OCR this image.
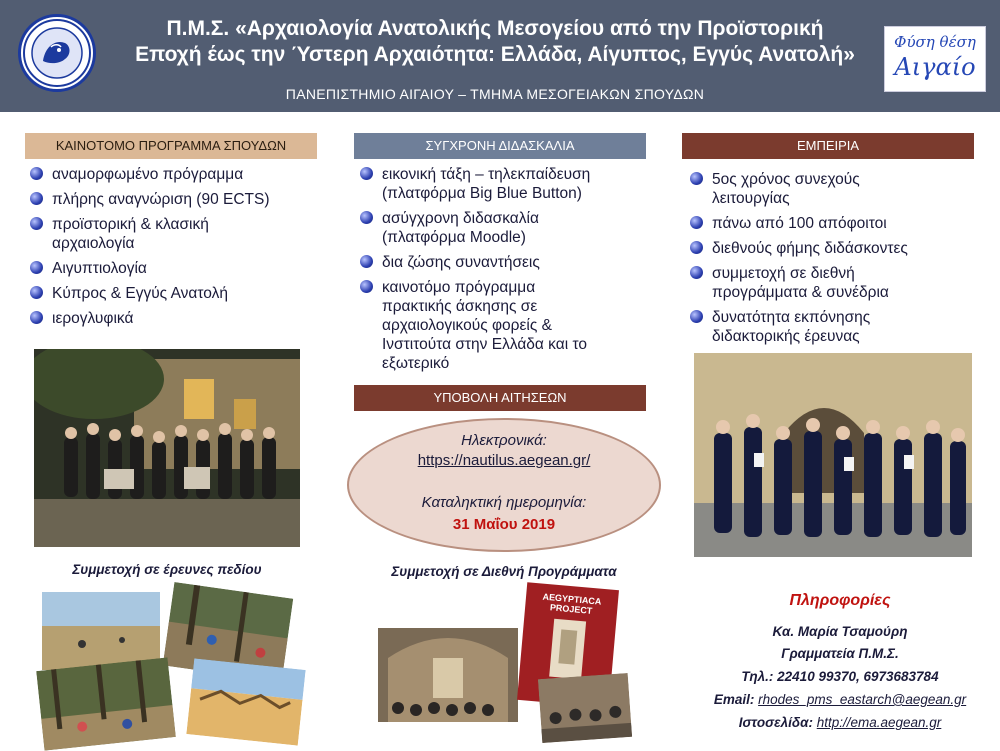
Π.Μ.Σ. «Αρχαιολογία Ανατολικής Μεσογείου από την Προϊστορική
Εποχή έως την Ύστερη Αρχαιότητα: Ελλάδα, Αίγυπτος, Εγγύς Ανατολή»
ΠΑΝΕΠΙΣΤΗΜΙΟ ΑΙΓΑΙΟΥ – ΤΜΗΜΑ ΜΕΣΟΓΕΙΑΚΩΝ ΣΠΟΥΔΩΝ
Φύση θέση
Αιγαίο
ΚΑΙΝΟΤΟΜΟ ΠΡΟΓΡΑΜΜΑ ΣΠΟΥΔΩΝ
αναμορφωμένο πρόγραμμα
πλήρης αναγνώριση (90 ECTS)
προϊστορική & κλασική
αρχαιολογία
Αιγυπτιολογία
Κύπρος & Εγγύς Ανατολή
ιερογλυφικά
Συμμετοχή σε έρευνες πεδίου
ΣΥΓΧΡΟΝΗ ΔΙΔΑΣΚΑΛΙΑ
εικονική τάξη – τηλεκπαίδευση
(πλατφόρμα Big Blue Button)
ασύγχρονη διδασκαλία
(πλατφόρμα Moodle)
δια ζώσης συναντήσεις
καινοτόμο πρόγραμμα
πρακτικής άσκησης σε
αρχαιολογικούς φορείς &
Ινστιτούτα στην Ελλάδα και το
εξωτερικό
ΥΠΟΒΟΛΗ ΑΙΤΗΣΕΩΝ
Ηλεκτρονικά:
https://nautilus.aegean.gr/
Καταληκτική ημερομηνία:
31 Μαΐου 2019
Συμμετοχή σε Διεθνή Προγράμματα
AEGYPTIACA PROJECT
ΕΜΠΕΙΡΙΑ
5ος χρόνος συνεχούς
λειτουργίας
πάνω από 100 απόφοιτοι
διεθνούς φήμης διδάσκοντες
συμμετοχή σε διεθνή
προγράμματα & συνέδρια
δυνατότητα εκπόνησης
διδακτορικής έρευνας
Πληροφορίες
Κα. Μαρία Τσαμούρη
Γραμματεία Π.Μ.Σ.
Τηλ.: 22410 99370, 6973683784
Email: rhodes_pms_eastarch@aegean.gr
Ιστοσελίδα: http://ema.aegean.gr
